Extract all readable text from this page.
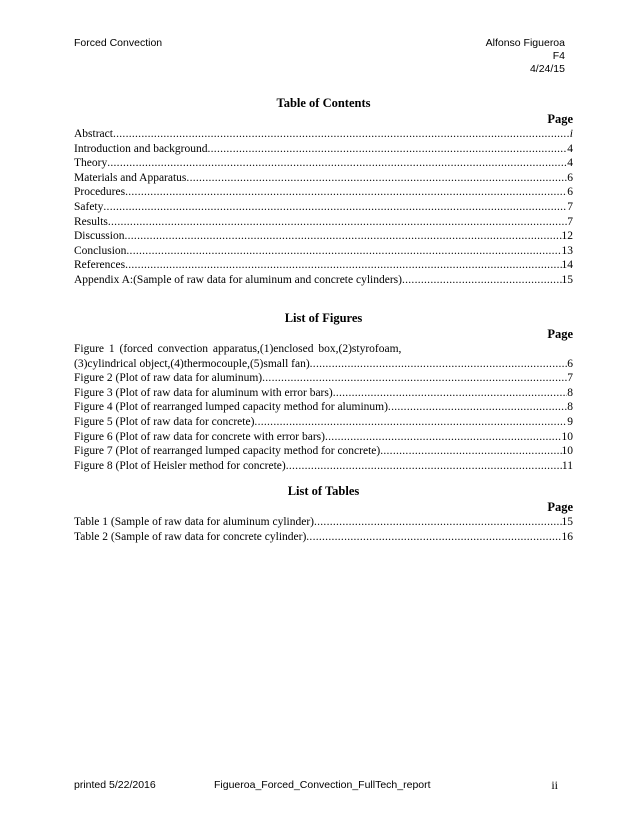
Forced Convection	Alfonso Figueroa
F4
4/24/15
Table of Contents
Page
Abstract . . .	i
Introduction and background . . .	4
Theory . . .	4
Materials and Apparatus . . .	6
Procedures . . .	6
Safety . . .	7
Results . . .	7
Discussion . . .	12
Conclusion . . .	13
References . . .	14
Appendix A:(Sample of raw data for aluminum and concrete cylinders) . . .	15
List of Figures
Page
Figure 1 (forced convection apparatus,(1)enclosed box,(2)styrofoam,
(3)cylindrical object,(4)thermocouple,(5)small fan) . . .	6
Figure 2 (Plot of raw data for aluminum) . . .	7
Figure 3 (Plot of raw data for aluminum with error bars) . . .	8
Figure 4 (Plot of rearranged lumped capacity method for aluminum) . . .	8
Figure 5 (Plot of raw data for concrete) . . .	9
Figure 6 (Plot of raw data for concrete with error bars) . . .	10
Figure 7 (Plot of rearranged lumped capacity method for concrete) . . .	10
Figure 8 (Plot of Heisler method for concrete) . . .	11
List of Tables
Page
Table 1 (Sample of raw data for aluminum cylinder) . . .	15
Table 2 (Sample of raw data for concrete cylinder) . . .	16
printed 5/22/2016	Figueroa_Forced_Convection_FullTech_report	ii
